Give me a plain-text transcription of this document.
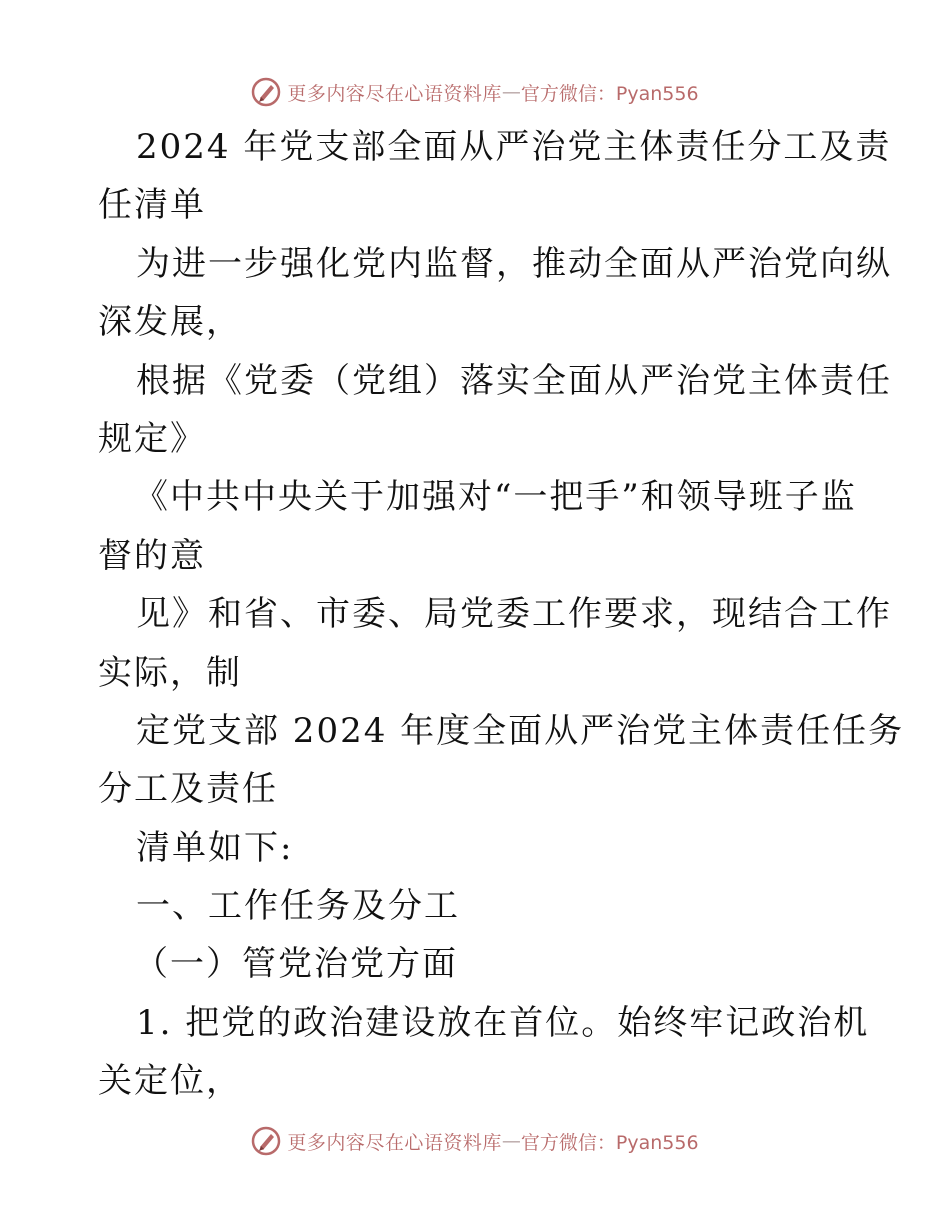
更多内容尽在心语资料库 — 官方微信：Pyan556
2024 年党支部全面从严治党主体责任分工及责
任清单
为进一步强化党内监督，推动全面从严治党向纵
深发展，
根据《党委（党组）落实全面从严治党主体责任
规定》
《中共中央关于加强对“一把手”和领导班子监
督的意
见》和省、市委、局党委工作要求，现结合工作
实际，制
定党支部 2024 年度全面从严治党主体责任任务
分工及责任
清单如下:
一、工作任务及分工
（一）管党治党方面
1. 把党的政治建设放在首位。始终牢记政治机
关定位，
更多内容尽在心语资料库 — 官方微信：Pyan556
